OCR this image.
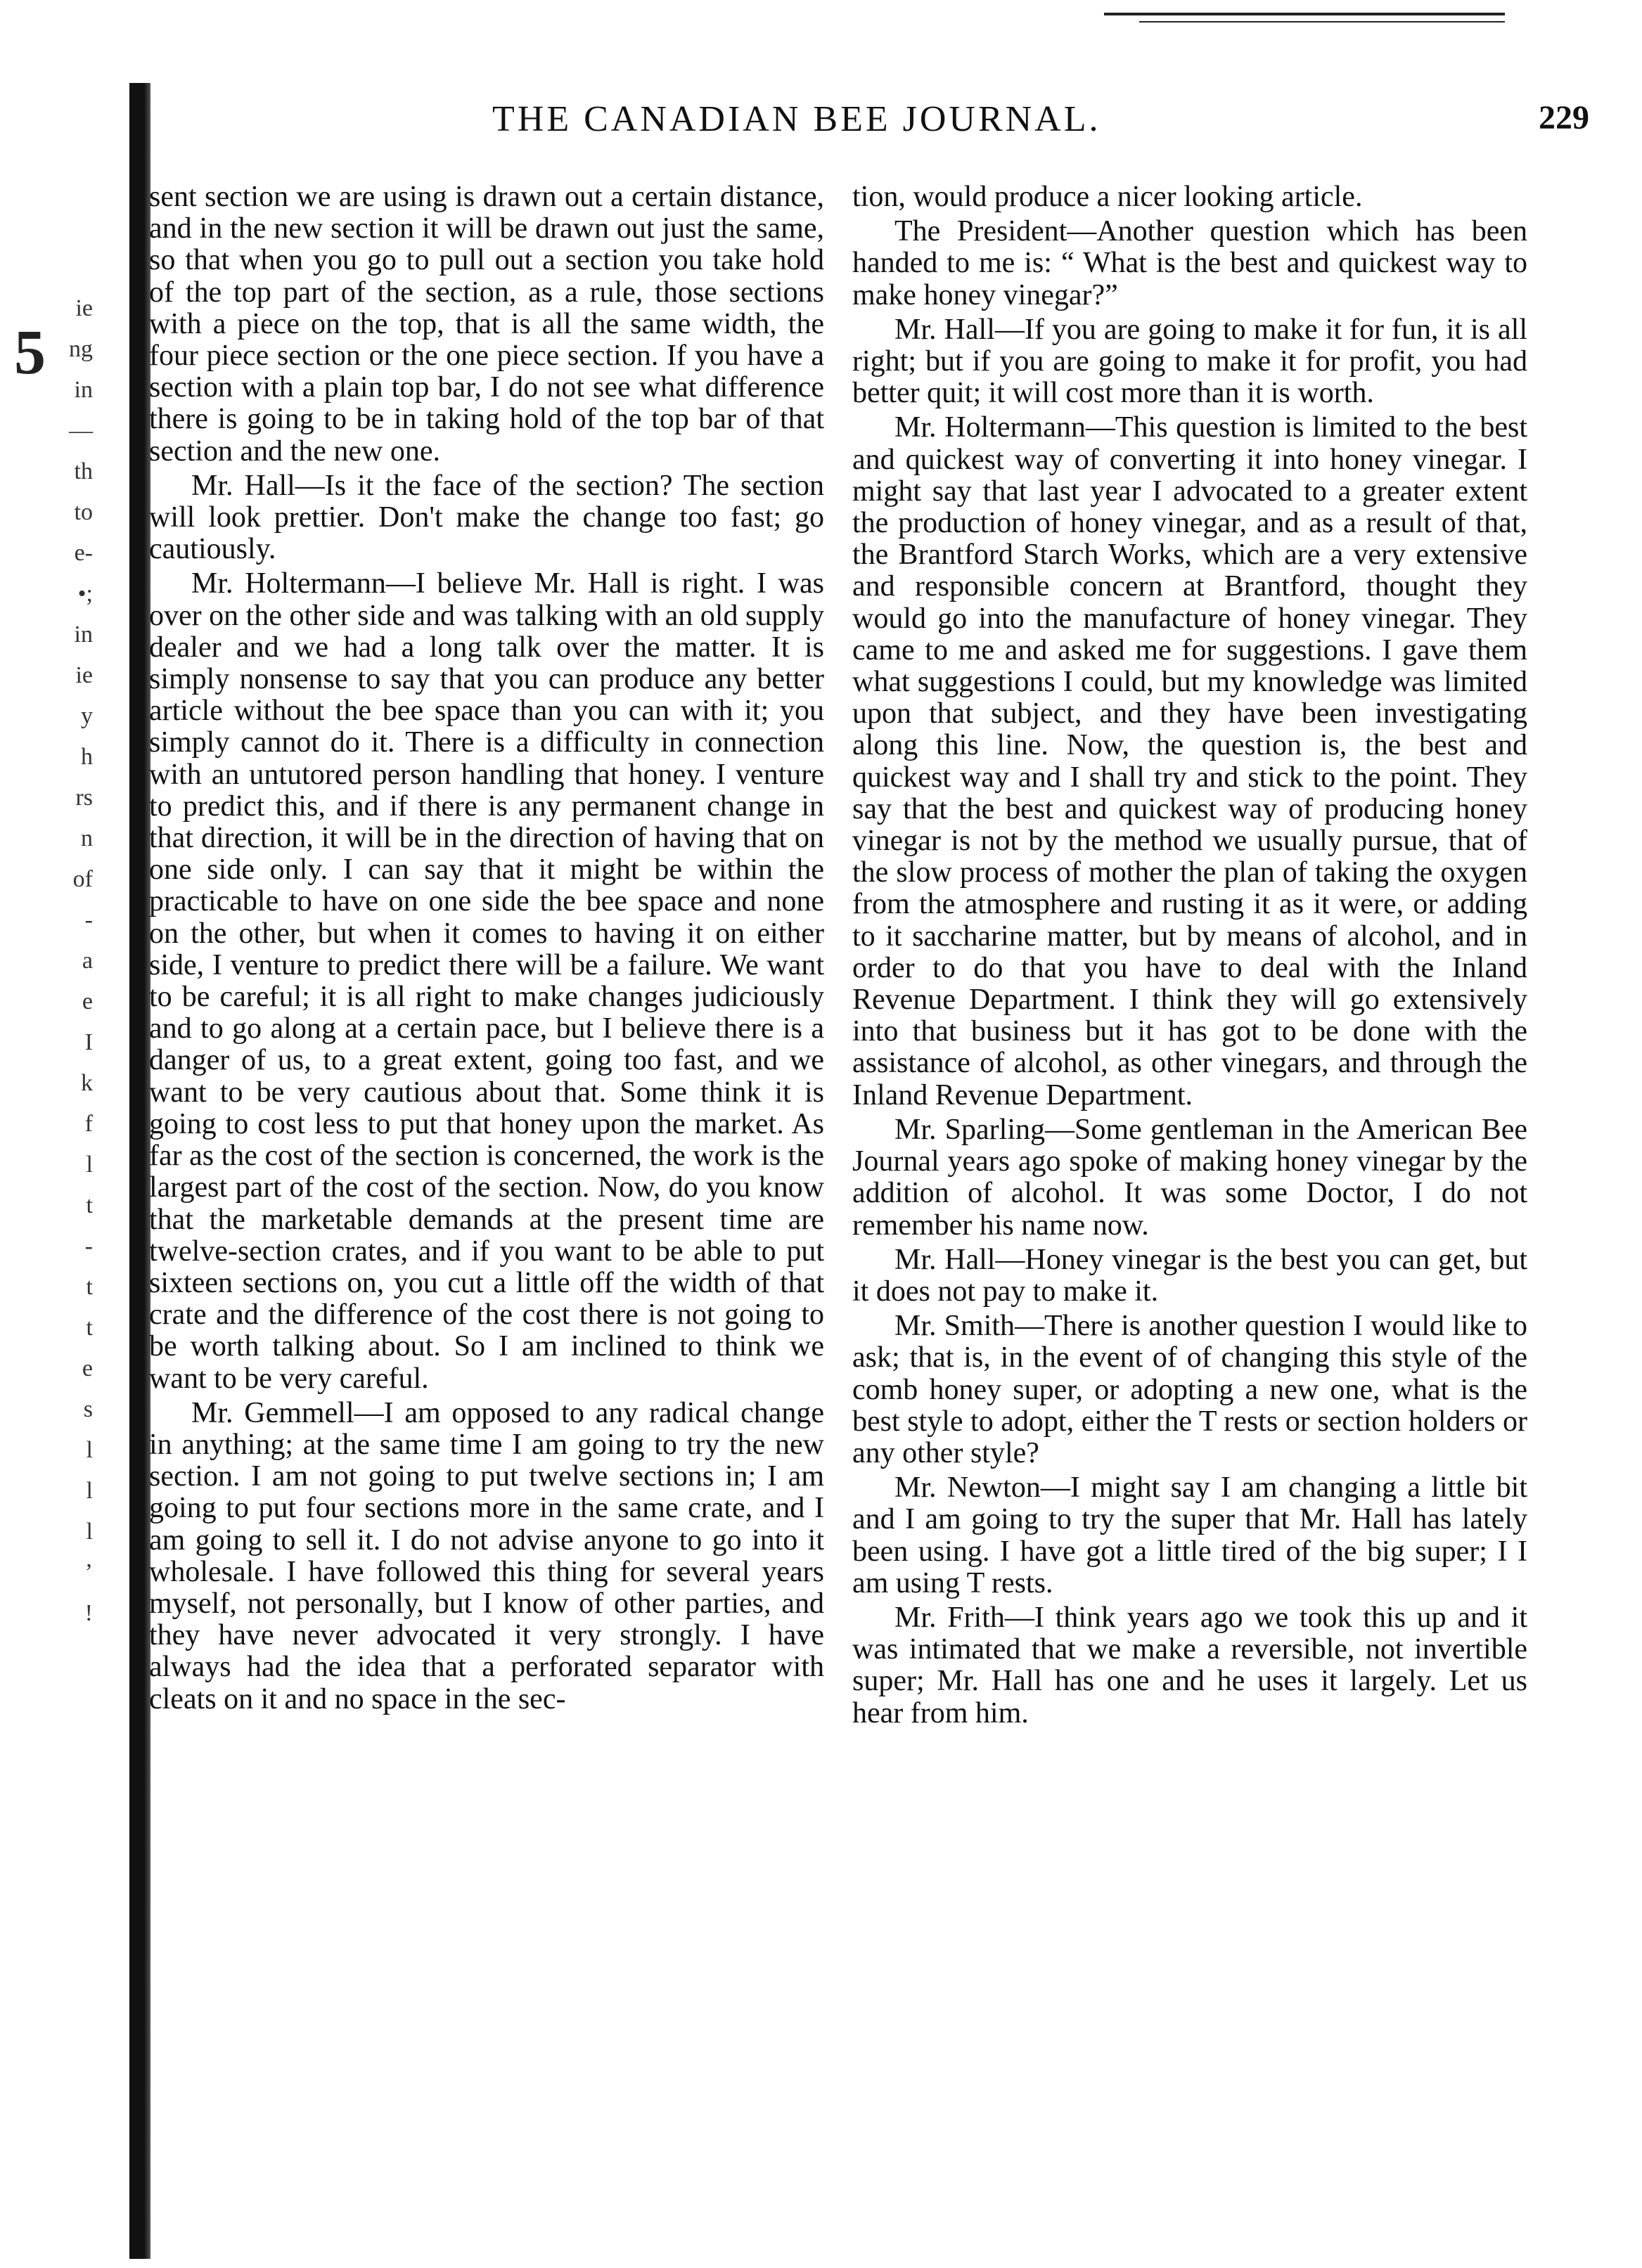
5
ie
ng
in
—
th
to
e-
•;
in
ie
y
h
rs
n
of
-
a
e
I
k
f
l
t
-
t
t
e
s
l
l
l
’
!
THE CANADIAN BEE JOURNAL.	229

sent section we are using is drawn out a certain distance, and in the new section it will be drawn out just the same, so that when you go to pull out a section you take hold of the top part of the section, as a rule, those sections with a piece on the top, that is all the same width, the four piece section or the one piece section. If you have a section with a plain top bar, I do not see what difference there is going to be in taking hold of the top bar of that section and the new one.

Mr. Hall—Is it the face of the section? The section will look prettier. Don't make the change too fast; go cautiously.

Mr. Holtermann—I believe Mr. Hall is right. I was over on the other side and was talking with an old supply dealer and we had a long talk over the matter. It is simply nonsense to say that you can produce any better article without the bee space than you can with it; you simply cannot do it. There is a difficulty in connection with an untutored person handling that honey. I venture to predict this, and if there is any permanent change in that direction, it will be in the direction of having that on one side only. I can say that it might be within the practicable to have on one side the bee space and none on the other, but when it comes to having it on either side, I venture to predict there will be a failure. We want to be careful; it is all right to make changes judiciously and to go along at a certain pace, but I believe there is a danger of us, to a great extent, going too fast, and we want to be very cautious about that. Some think it is going to cost less to put that honey upon the market. As far as the cost of the section is concerned, the work is the largest part of the cost of the section. Now, do you know that the marketable demands at the present time are twelve-section crates, and if you want to be able to put sixteen sections on, you cut a little off the width of that crate and the difference of the cost there is not going to be worth talking about. So I am inclined to think we want to be very careful.

Mr. Gemmell—I am opposed to any radical change in anything; at the same time I am going to try the new section. I am not going to put twelve sections in; I am going to put four sections more in the same crate, and I am going to sell it. I do not advise anyone to go into it wholesale. I have followed this thing for several years myself, not personally, but I know of other parties, and they have never advocated it very strongly. I have always had the idea that a perforated separator with cleats on it and no space in the sec-

tion, would produce a nicer looking article.

The President—Another question which has been handed to me is: “ What is the best and quickest way to make honey vinegar?”

Mr. Hall—If you are going to make it for fun, it is all right; but if you are going to make it for profit, you had better quit; it will cost more than it is worth.

Mr. Holtermann—This question is limited to the best and quickest way of converting it into honey vinegar. I might say that last year I advocated to a greater extent the production of honey vinegar, and as a result of that, the Brantford Starch Works, which are a very extensive and responsible concern at Brantford, thought they would go into the manufacture of honey vinegar. They came to me and asked me for suggestions. I gave them what suggestions I could, but my knowledge was limited upon that subject, and they have been investigating along this line. Now, the question is, the best and quickest way and I shall try and stick to the point. They say that the best and quickest way of producing honey vinegar is not by the method we usually pursue, that of the slow process of mother the plan of taking the oxygen from the atmosphere and rusting it as it were, or adding to it saccharine matter, but by means of alcohol, and in order to do that you have to deal with the Inland Revenue Department. I think they will go extensively into that business but it has got to be done with the assistance of alcohol, as other vinegars, and through the Inland Revenue Department.

Mr. Sparling—Some gentleman in the American Bee Journal years ago spoke of making honey vinegar by the addition of alcohol. It was some Doctor, I do not remember his name now.

Mr. Hall—Honey vinegar is the best you can get, but it does not pay to make it.

Mr. Smith—There is another question I would like to ask; that is, in the event of of changing this style of the comb honey super, or adopting a new one, what is the best style to adopt, either the T rests or section holders or any other style?

Mr. Newton—I might say I am changing a little bit and I am going to try the super that Mr. Hall has lately been using. I have got a little tired of the big super; I I am using T rests.

Mr. Frith—I think years ago we took this up and it was intimated that we make a reversible, not invertible super; Mr. Hall has one and he uses it largely. Let us hear from him.
